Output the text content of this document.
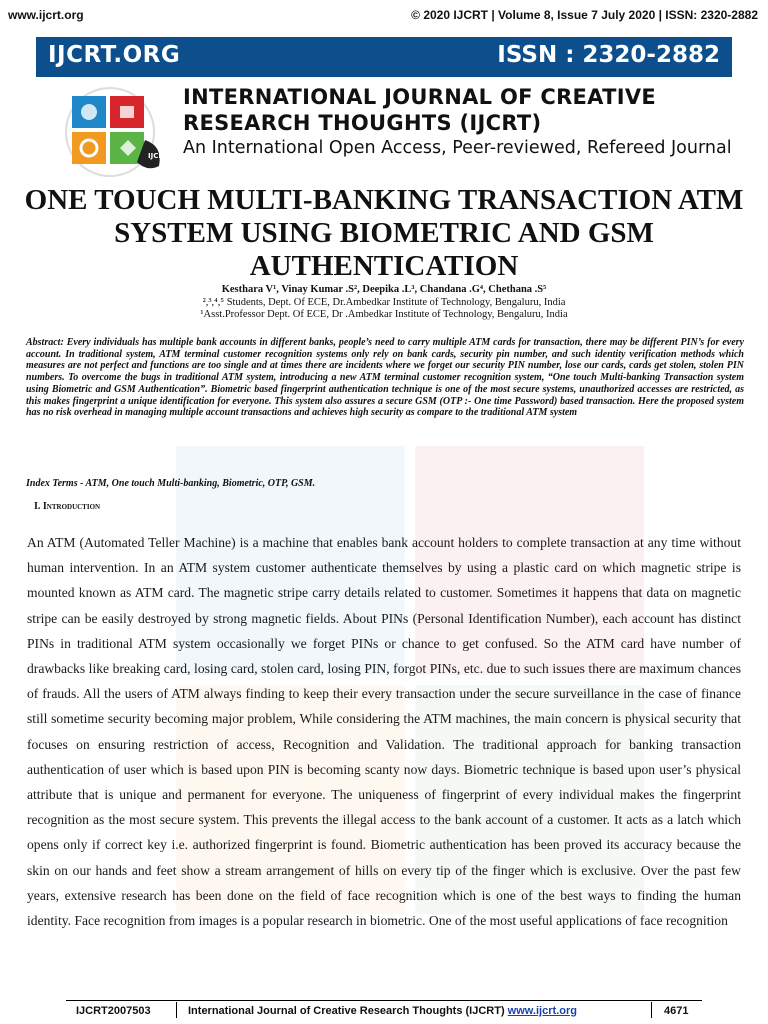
www.ijcrt.org	© 2020 IJCRT | Volume 8, Issue 7 July 2020 | ISSN: 2320-2882
IJCRT.ORG	ISSN : 2320-2882
IJCRT
INTERNATIONAL JOURNAL OF CREATIVE
RESEARCH THOUGHTS (IJCRT)
An International Open Access, Peer-reviewed, Refereed Journal
ONE TOUCH MULTI-BANKING TRANSACTION ATM SYSTEM USING BIOMETRIC AND GSM AUTHENTICATION
Kesthara V¹, Vinay Kumar .S², Deepika .L³, Chandana .G⁴, Chethana .S⁵
²,³,⁴,⁵ Students, Dept. Of ECE, Dr.Ambedkar Institute of Technology, Bengaluru, India
¹Asst.Professor Dept. Of ECE, Dr .Ambedkar Institute of Technology, Bengaluru, India
Abstract: Every individuals has multiple bank accounts in different banks, people’s need to carry multiple ATM cards for transaction, there may be different PIN’s for every account. In traditional system, ATM terminal customer recognition systems only rely on bank cards, security pin number, and such identity verification methods which measures are not perfect and functions are too single and at times there are incidents where we forget our security PIN number, lose our cards, cards get stolen, stolen PIN numbers. To overcome the bugs in traditional ATM system, introducing a new ATM terminal customer recognition system, “One touch Multi-banking Transaction system using Biometric and GSM Authentication”. Biometric based fingerprint authentication technique is one of the most secure systems, unauthorized accesses are restricted, as this makes fingerprint a unique identification for everyone. This system also assures a secure GSM (OTP :- One time Password) based transaction. Here the proposed system has no risk overhead in managing multiple account transactions and achieves high security as compare to the traditional ATM system
Index Terms - ATM, One touch Multi-banking, Biometric, OTP, GSM.
I. Introduction
An ATM (Automated Teller Machine) is a machine that enables bank account holders to complete transaction at any time without human intervention. In an ATM system customer authenticate themselves by using a plastic card on which magnetic stripe is mounted known as ATM card. The magnetic stripe carry details related to customer. Sometimes it happens that data on magnetic stripe can be easily destroyed by strong magnetic fields. About PINs (Personal Identification Number), each account has distinct PINs in traditional ATM system occasionally we forget PINs or chance to get confused. So the ATM card have number of drawbacks like breaking card, losing card, stolen card, losing PIN, forgot PINs, etc. due to such issues there are maximum chances of frauds. All the users of ATM always finding to keep their every transaction under the secure surveillance in the case of finance still sometime security becoming major problem, While considering the ATM machines, the main concern is physical security that focuses on ensuring restriction of access, Recognition and Validation. The traditional approach for banking transaction authentication of user which is based upon PIN is becoming scanty now days. Biometric technique is based upon user’s physical attribute that is unique and permanent for everyone. The uniqueness of fingerprint of every individual makes the fingerprint recognition as the most secure system. This prevents the illegal access to the bank account of a customer. It acts as a latch which opens only if correct key i.e. authorized fingerprint is found. Biometric authentication has been proved its accuracy because the skin on our hands and feet show a stream arrangement of hills on every tip of the finger which is exclusive. Over the past few years, extensive research has been done on the field of face recognition which is one of the best ways to finding the human identity. Face recognition from images is a popular research in biometric. One of the most useful applications of face recognition
IJCRT2007503	International Journal of Creative Research Thoughts (IJCRT) www.ijcrt.org	4671
